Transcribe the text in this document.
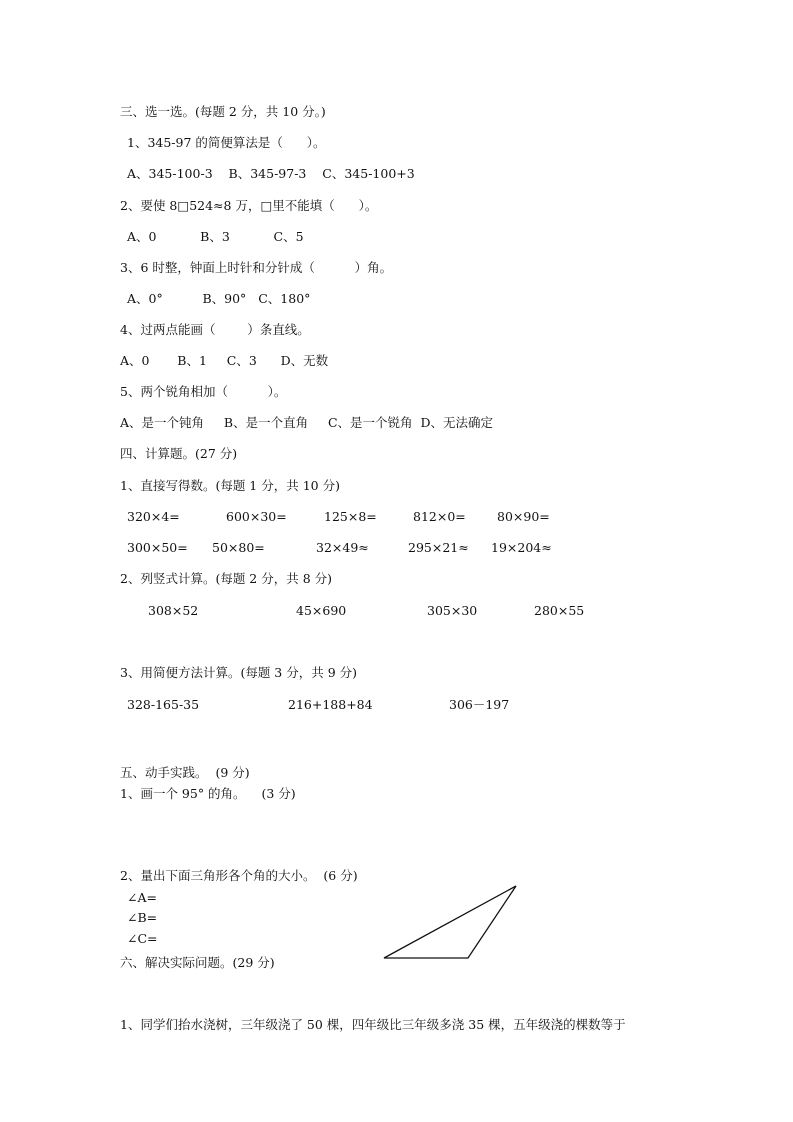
三、选一选。(每题 2 分，共 10 分。)
1、345-97 的简便算法是（      ）。
A、345-100-3    B、345-97-3    C、345-100+3
2、要使 8□524≈8 万，□里不能填（      ）。
A、0           B、3           C、5
3、6 时整，钟面上时针和分针成（          ）角。
A、0°          B、90°   C、180°
4、过两点能画（        ）条直线。
A、0       B、1     C、3      D、无数
5、两个锐角相加（          ）。
A、是一个钝角     B、是一个直角     C、是一个锐角  D、无法确定
四、计算题。(27 分)
1、直接写得数。(每题 1 分，共 10 分)
320×4=	600×30=	125×8=	812×0= 80×90=
300×50= 50×80=	32×49≈	295×21≈ 19×204≈
2、列竖式计算。(每题 2 分，共 8 分)
308×52	45×690	305×30	280×55
3、用简便方法计算。(每题 3 分，共 9 分)
328-165-35	216+188+84	306－197
五、动手实践。  (9 分)
1、画一个 95° 的角。    (3 分)
2、量出下面三角形各个角的大小。  (6 分)
∠A=
∠B=
∠C=
六、解决实际问题。(29 分)
1、同学们抬水浇树，三年级浇了 50 棵，四年级比三年级多浇 35 棵，五年级浇的棵数等于
